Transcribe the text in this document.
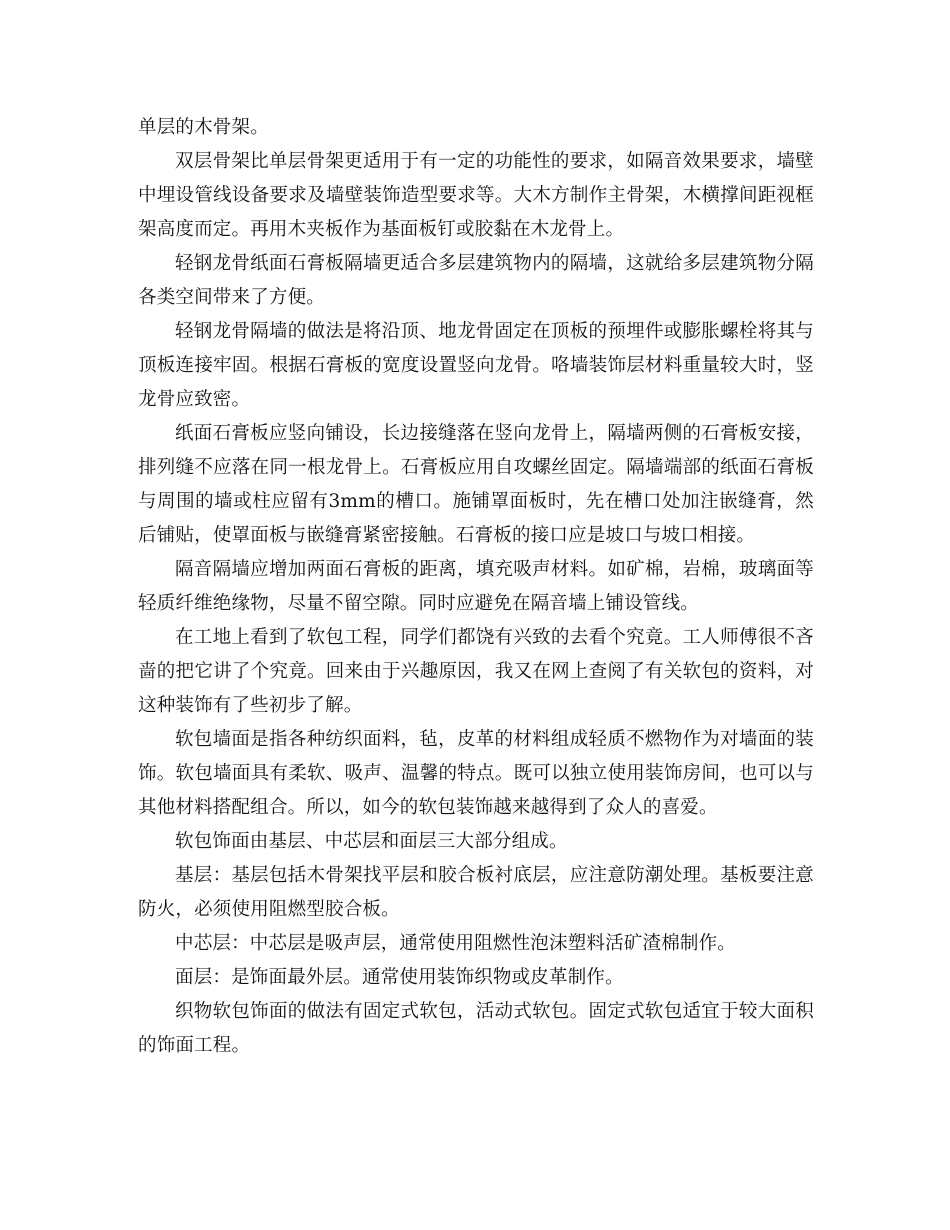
单层的木骨架。

双层骨架比单层骨架更适用于有一定的功能性的要求，如隔音效果要求，墙壁中埋设管线设备要求及墙壁装饰造型要求等。大木方制作主骨架，木横撑间距视框架高度而定。再用木夹板作为基面板钉或胶黏在木龙骨上。

轻钢龙骨纸面石膏板隔墙更适合多层建筑物内的隔墙，这就给多层建筑物分隔各类空间带来了方便。

轻钢龙骨隔墙的做法是将沿顶、地龙骨固定在顶板的预埋件或膨胀螺栓将其与顶板连接牢固。根据石膏板的宽度设置竖向龙骨。咯墙装饰层材料重量较大时，竖龙骨应致密。

纸面石膏板应竖向铺设，长边接缝落在竖向龙骨上，隔墙两侧的石膏板安接，排列缝不应落在同一根龙骨上。石膏板应用自攻螺丝固定。隔墙端部的纸面石膏板与周围的墙或柱应留有3mm的槽口。施铺罩面板时，先在槽口处加注嵌缝膏，然后铺贴，使罩面板与嵌缝膏紧密接触。石膏板的接口应是坡口与坡口相接。

隔音隔墙应增加两面石膏板的距离，填充吸声材料。如矿棉，岩棉，玻璃面等轻质纤维绝缘物，尽量不留空隙。同时应避免在隔音墙上铺设管线。

在工地上看到了软包工程，同学们都饶有兴致的去看个究竟。工人师傅很不吝啬的把它讲了个究竟。回来由于兴趣原因，我又在网上查阅了有关软包的资料，对这种装饰有了些初步了解。

软包墙面是指各种纺织面料，毡，皮革的材料组成轻质不燃物作为对墙面的装饰。软包墙面具有柔软、吸声、温馨的特点。既可以独立使用装饰房间，也可以与其他材料搭配组合。所以，如今的软包装饰越来越得到了众人的喜爱。

软包饰面由基层、中芯层和面层三大部分组成。

基层：基层包括木骨架找平层和胶合板衬底层，应注意防潮处理。基板要注意防火，必须使用阻燃型胶合板。

中芯层：中芯层是吸声层，通常使用阻燃性泡沫塑料活矿渣棉制作。

面层：是饰面最外层。通常使用装饰织物或皮革制作。

织物软包饰面的做法有固定式软包，活动式软包。固定式软包适宜于较大面积的饰面工程。
